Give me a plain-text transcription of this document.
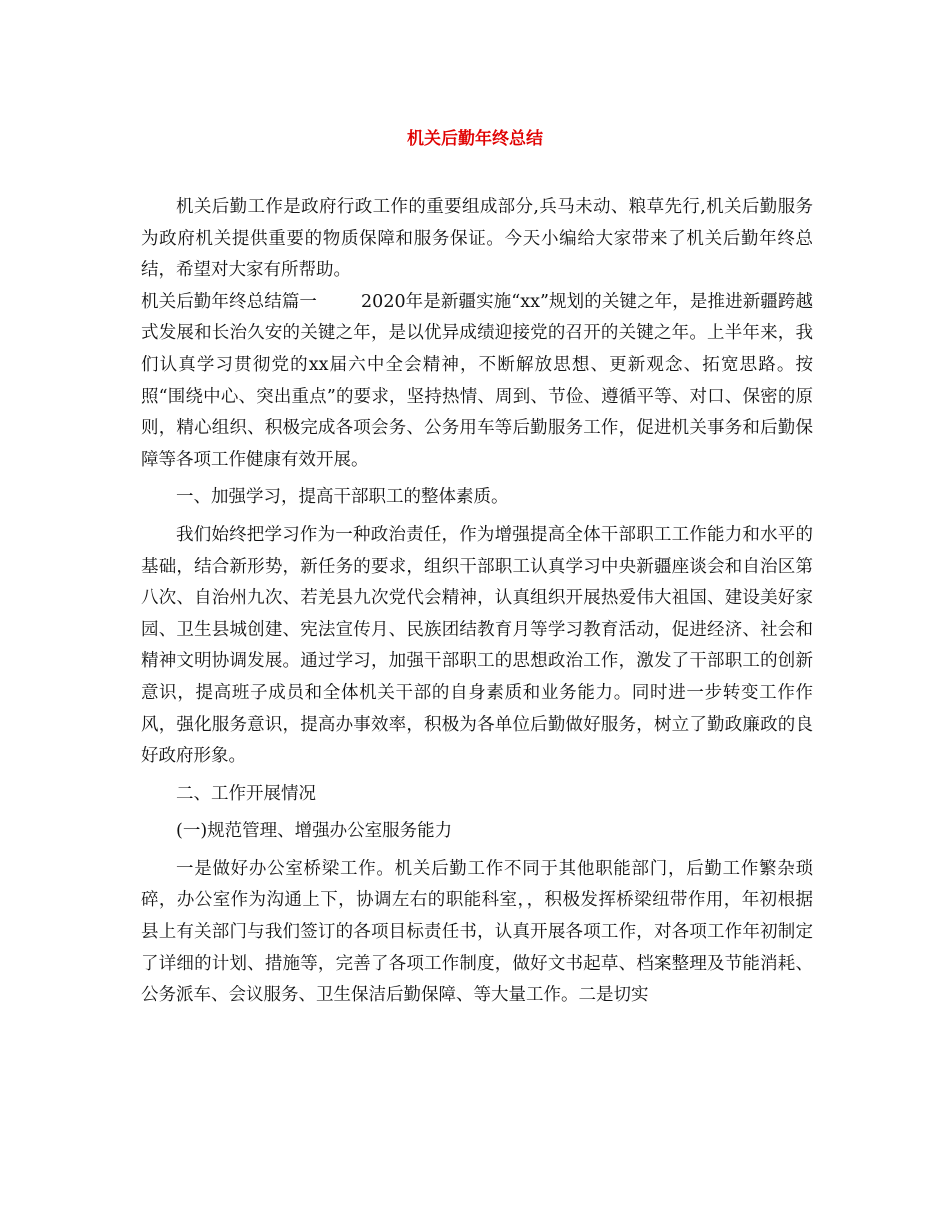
机关后勤年终总结

机关后勤工作是政府行政工作的重要组成部分,兵马未动、粮草先行,机关后勤服务为政府机关提供重要的物质保障和服务保证。今天小编给大家带来了机关后勤年终总结，希望对大家有所帮助。

机关后勤年终总结篇一	2020年是新疆实施“xx”规划的关键之年，是推进新疆跨越式发展和长治久安的关键之年，是以优异成绩迎接党的召开的关键之年。上半年来，我们认真学习贯彻党的xx届六中全会精神，不断解放思想、更新观念、拓宽思路。按照“围绕中心、突出重点”的要求，坚持热情、周到、节俭、遵循平等、对口、保密的原则，精心组织、积极完成各项会务、公务用车等后勤服务工作，促进机关事务和后勤保障等各项工作健康有效开展。

一、加强学习，提高干部职工的整体素质。

我们始终把学习作为一种政治责任，作为增强提高全体干部职工工作能力和水平的基础，结合新形势，新任务的要求，组织干部职工认真学习中央新疆座谈会和自治区第八次、自治州九次、若羌县九次党代会精神，认真组织开展热爱伟大祖国、建设美好家园、卫生县城创建、宪法宣传月、民族团结教育月等学习教育活动，促进经济、社会和精神文明协调发展。通过学习，加强干部职工的思想政治工作，激发了干部职工的创新意识，提高班子成员和全体机关干部的自身素质和业务能力。同时进一步转变工作作风，强化服务意识，提高办事效率，积极为各单位后勤做好服务，树立了勤政廉政的良好政府形象。

二、工作开展情况

(一)规范管理、增强办公室服务能力

一是做好办公室桥梁工作。机关后勤工作不同于其他职能部门，后勤工作繁杂琐碎，办公室作为沟通上下，协调左右的职能科室，，积极发挥桥梁纽带作用，年初根据县上有关部门与我们签订的各项目标责任书，认真开展各项工作，对各项工作年初制定了详细的计划、措施等，完善了各项工作制度，做好文书起草、档案整理及节能消耗、公务派车、会议服务、卫生保洁后勤保障、等大量工作。二是切实
